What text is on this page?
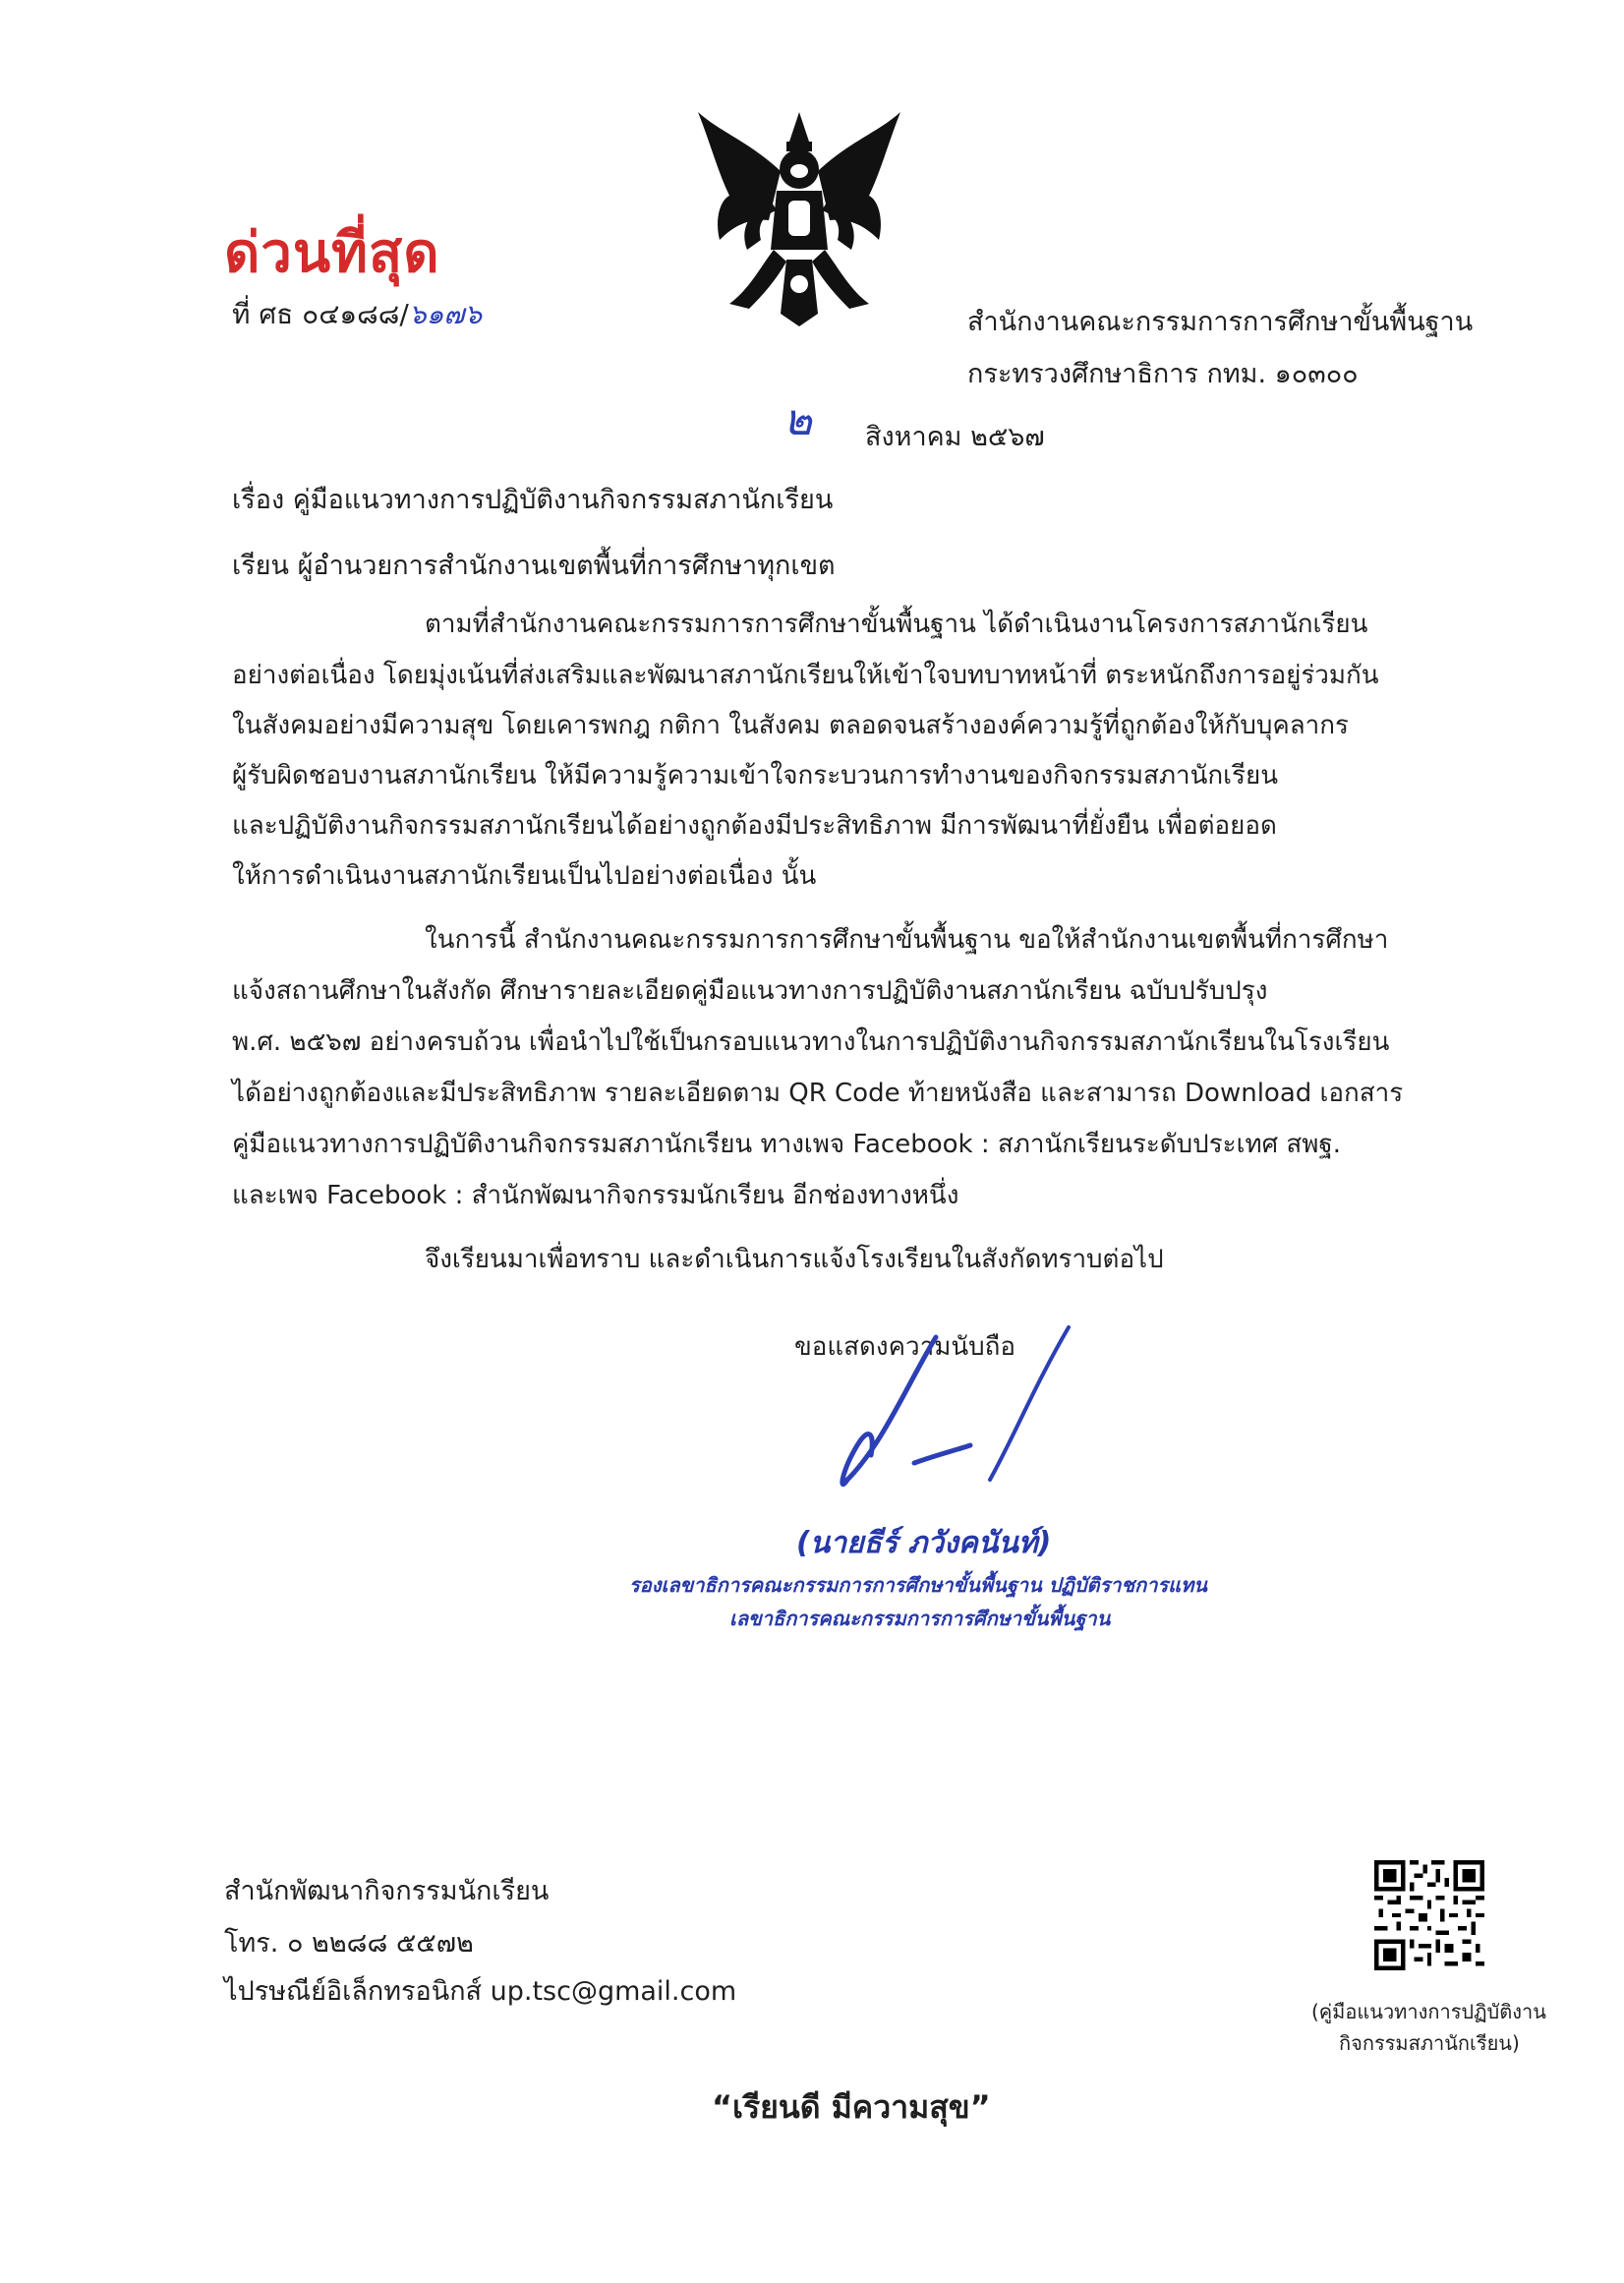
ด่วนที่สุด
ที่ ศธ ๐๔๑๘๘/๖๑๗๖	สำนักงานคณะกรรมการการศึกษาขั้นพื้นฐาน
กระทรวงศึกษาธิการ กทม. ๑๐๓๐๐
๒ สิงหาคม ๒๕๖๗
เรื่อง คู่มือแนวทางการปฏิบัติงานกิจกรรมสภานักเรียน
เรียน ผู้อำนวยการสำนักงานเขตพื้นที่การศึกษาทุกเขต
ตามที่สำนักงานคณะกรรมการการศึกษาขั้นพื้นฐาน ได้ดำเนินงานโครงการสภานักเรียน
อย่างต่อเนื่อง โดยมุ่งเน้นที่ส่งเสริมและพัฒนาสภานักเรียนให้เข้าใจบทบาทหน้าที่ ตระหนักถึงการอยู่ร่วมกัน
ในสังคมอย่างมีความสุข โดยเคารพกฎ กติกา ในสังคม ตลอดจนสร้างองค์ความรู้ที่ถูกต้องให้กับบุคลากร
ผู้รับผิดชอบงานสภานักเรียน ให้มีความรู้ความเข้าใจกระบวนการทำงานของกิจกรรมสภานักเรียน
และปฏิบัติงานกิจกรรมสภานักเรียนได้อย่างถูกต้องมีประสิทธิภาพ มีการพัฒนาที่ยั่งยืน เพื่อต่อยอด
ให้การดำเนินงานสภานักเรียนเป็นไปอย่างต่อเนื่อง นั้น
ในการนี้ สำนักงานคณะกรรมการการศึกษาขั้นพื้นฐาน ขอให้สำนักงานเขตพื้นที่การศึกษา
แจ้งสถานศึกษาในสังกัด ศึกษารายละเอียดคู่มือแนวทางการปฏิบัติงานสภานักเรียน ฉบับปรับปรุง
พ.ศ. ๒๕๖๗ อย่างครบถ้วน เพื่อนำไปใช้เป็นกรอบแนวทางในการปฏิบัติงานกิจกรรมสภานักเรียนในโรงเรียน
ได้อย่างถูกต้องและมีประสิทธิภาพ รายละเอียดตาม QR Code ท้ายหนังสือ และสามารถ Download เอกสาร
คู่มือแนวทางการปฏิบัติงานกิจกรรมสภานักเรียน ทางเพจ Facebook : สภานักเรียนระดับประเทศ สพฐ.
และเพจ Facebook : สำนักพัฒนากิจกรรมนักเรียน อีกช่องทางหนึ่ง
จึงเรียนมาเพื่อทราบ และดำเนินการแจ้งโรงเรียนในสังกัดทราบต่อไป
ขอแสดงความนับถือ
(นายธีร์ ภวังคนันท์)
รองเลขาธิการคณะกรรมการการศึกษาขั้นพื้นฐาน ปฏิบัติราชการแทน
เลขาธิการคณะกรรมการการศึกษาขั้นพื้นฐาน
สำนักพัฒนากิจกรรมนักเรียน
โทร. ๐ ๒๒๘๘ ๕๕๗๒
ไปรษณีย์อิเล็กทรอนิกส์ up.tsc@gmail.com
(คู่มือแนวทางการปฏิบัติงาน
กิจกรรมสภานักเรียน)
“เรียนดี มีความสุข”
